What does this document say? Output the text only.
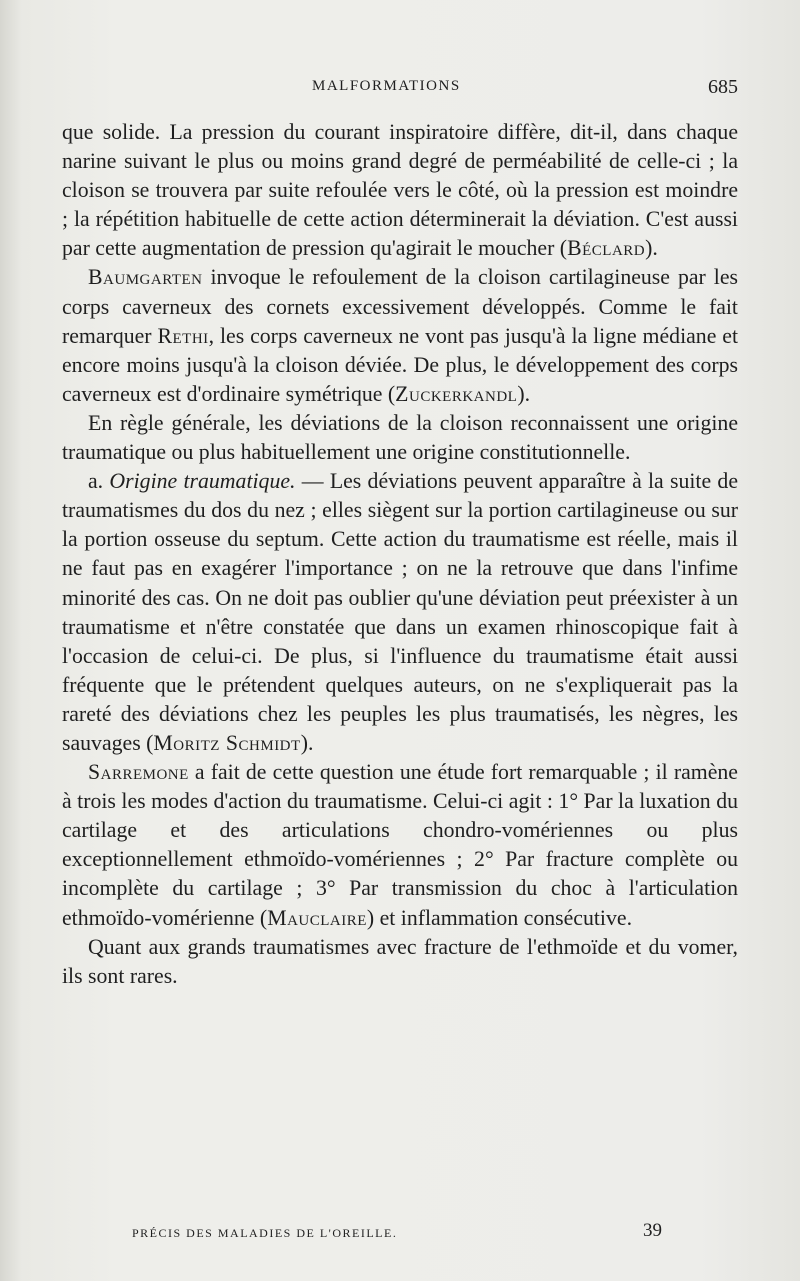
MALFORMATIONS	685

que solide. La pression du courant inspiratoire diffère, dit-il, dans chaque narine suivant le plus ou moins grand degré de perméabilité de celle-ci ; la cloison se trouvera par suite refoulée vers le côté, où la pression est moindre ; la répétition habituelle de cette action déterminerait la déviation. C'est aussi par cette augmentation de pression qu'agirait le moucher (Béclard).

Baumgarten invoque le refoulement de la cloison cartilagineuse par les corps caverneux des cornets excessivement développés. Comme le fait remarquer Rethi, les corps caverneux ne vont pas jusqu'à la ligne médiane et encore moins jusqu'à la cloison déviée. De plus, le développement des corps caverneux est d'ordinaire symétrique (Zuckerkandl).

En règle générale, les déviations de la cloison reconnaissent une origine traumatique ou plus habituellement une origine constitutionnelle.

a. Origine traumatique. — Les déviations peuvent apparaître à la suite de traumatismes du dos du nez ; elles siègent sur la portion cartilagineuse ou sur la portion osseuse du septum. Cette action du traumatisme est réelle, mais il ne faut pas en exagérer l'importance ; on ne la retrouve que dans l'infime minorité des cas. On ne doit pas oublier qu'une déviation peut préexister à un traumatisme et n'être constatée que dans un examen rhinoscopique fait à l'occasion de celui-ci. De plus, si l'influence du traumatisme était aussi fréquente que le prétendent quelques auteurs, on ne s'expliquerait pas la rareté des déviations chez les peuples les plus traumatisés, les nègres, les sauvages (Moritz Schmidt).

Sarremone a fait de cette question une étude fort remarquable ; il ramène à trois les modes d'action du traumatisme. Celui-ci agit : 1° Par la luxation du cartilage et des articulations chondro-vomériennes ou plus exceptionnellement ethmoïdo-vomériennes ; 2° Par fracture complète ou incomplète du cartilage ; 3° Par transmission du choc à l'articulation ethmoïdo-vomérienne (Mauclaire) et inflammation consécutive.

Quant aux grands traumatismes avec fracture de l'ethmoïde et du vomer, ils sont rares.

PRÉCIS DES MALADIES DE L'OREILLE.	39
